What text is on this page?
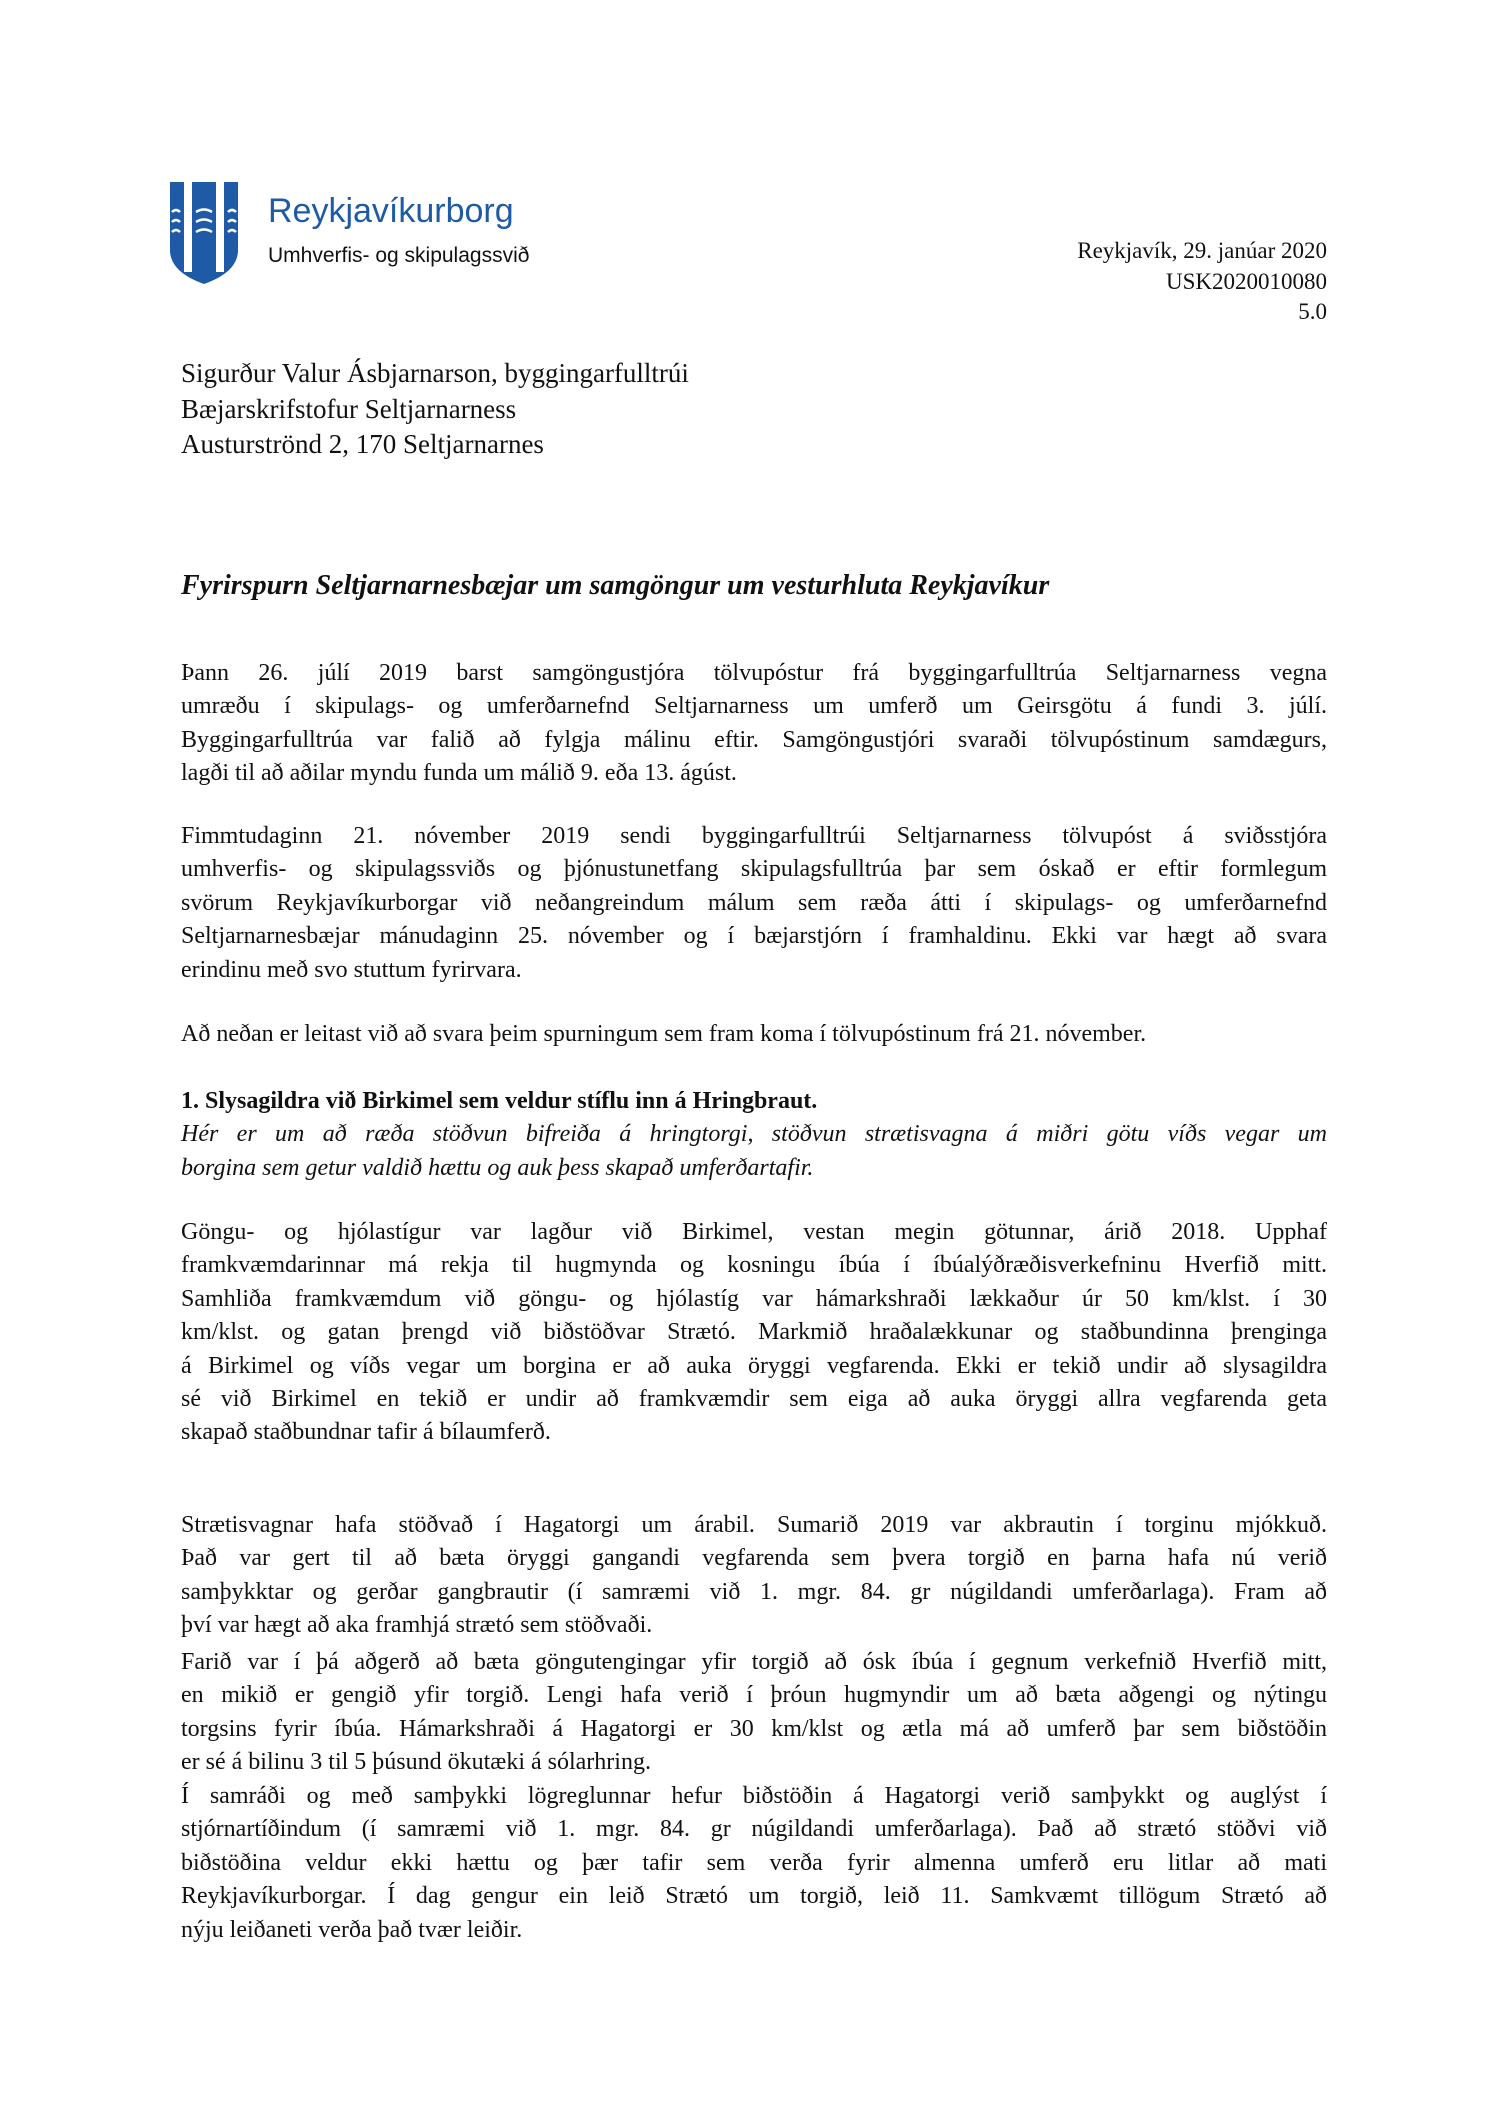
Reykjavíkurborg
Umhverfis- og skipulagssvið	Reykjavík, 29. janúar 2020
USK2020010080
5.0
Sigurður Valur Ásbjarnarson, byggingarfulltrúi
Bæjarskrifstofur Seltjarnarness
Austurströnd 2, 170 Seltjarnarnes
Fyrirspurn Seltjarnarnesbæjar um samgöngur um vesturhluta Reykjavíkur
Þann 26. júlí 2019 barst samgöngustjóra tölvupóstur frá byggingarfulltrúa Seltjarnarness vegna
umræðu í skipulags- og umferðarnefnd Seltjarnarness um umferð um Geirsgötu á fundi 3. júlí.
Byggingarfulltrúa var falið að fylgja málinu eftir. Samgöngustjóri svaraði tölvupóstinum samdægurs,
lagði til að aðilar myndu funda um málið 9. eða 13. ágúst.
Fimmtudaginn 21. nóvember 2019 sendi byggingarfulltrúi Seltjarnarness tölvupóst á sviðsstjóra
umhverfis- og skipulagssviðs og þjónustunetfang skipulagsfulltrúa þar sem óskað er eftir formlegum
svörum Reykjavíkurborgar við neðangreindum málum sem ræða átti í skipulags- og umferðarnefnd
Seltjarnarnesbæjar mánudaginn 25. nóvember og í bæjarstjórn í framhaldinu. Ekki var hægt að svara
erindinu með svo stuttum fyrirvara.
Að neðan er leitast við að svara þeim spurningum sem fram koma í tölvupóstinum frá 21. nóvember.
1. Slysagildra við Birkimel sem veldur stíflu inn á Hringbraut.
Hér er um að ræða stöðvun bifreiða á hringtorgi, stöðvun strætisvagna á miðri götu víðs vegar um
borgina sem getur valdið hættu og auk þess skapað umferðartafir.
Göngu- og hjólastígur var lagður við Birkimel, vestan megin götunnar, árið 2018. Upphaf
framkvæmdarinnar má rekja til hugmynda og kosningu íbúa í íbúalýðræðisverkefninu Hverfið mitt.
Samhliða framkvæmdum við göngu- og hjólastíg var hámarkshraði lækkaður úr 50 km/klst. í 30
km/klst. og gatan þrengd við biðstöðvar Strætó. Markmið hraðalækkunar og staðbundinna þrenginga
á Birkimel og víðs vegar um borgina er að auka öryggi vegfarenda. Ekki er tekið undir að slysagildra
sé við Birkimel en tekið er undir að framkvæmdir sem eiga að auka öryggi allra vegfarenda geta
skapað staðbundnar tafir á bílaumferð.
Strætisvagnar hafa stöðvað í Hagatorgi um árabil. Sumarið 2019 var akbrautin í torginu mjókkuð.
Það var gert til að bæta öryggi gangandi vegfarenda sem þvera torgið en þarna hafa nú verið
samþykktar og gerðar gangbrautir (í samræmi við 1. mgr. 84. gr núgildandi umferðarlaga). Fram að
því var hægt að aka framhjá strætó sem stöðvaði.
Farið var í þá aðgerð að bæta göngutengingar yfir torgið að ósk íbúa í gegnum verkefnið Hverfið mitt,
en mikið er gengið yfir torgið. Lengi hafa verið í þróun hugmyndir um að bæta aðgengi og nýtingu
torgsins fyrir íbúa. Hámarkshraði á Hagatorgi er 30 km/klst og ætla má að umferð þar sem biðstöðin
er sé á bilinu 3 til 5 þúsund ökutæki á sólarhring.
Í samráði og með samþykki lögreglunnar hefur biðstöðin á Hagatorgi verið samþykkt og auglýst í
stjórnartíðindum (í samræmi við 1. mgr. 84. gr núgildandi umferðarlaga). Það að strætó stöðvi við
biðstöðina veldur ekki hættu og þær tafir sem verða fyrir almenna umferð eru litlar að mati
Reykjavíkurborgar. Í dag gengur ein leið Strætó um torgið, leið 11. Samkvæmt tillögum Strætó að
nýju leiðaneti verða það tvær leiðir.
